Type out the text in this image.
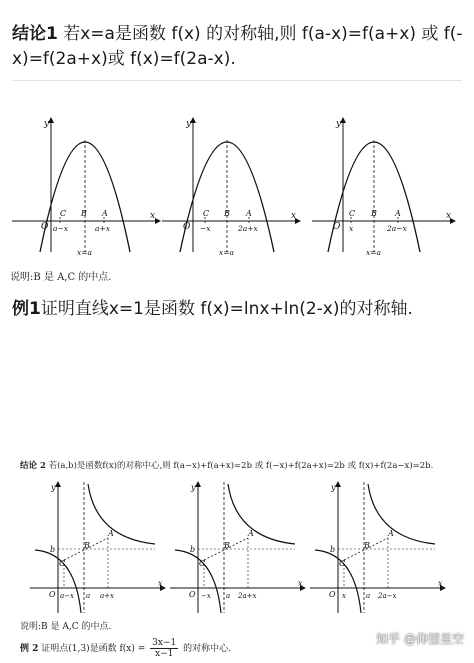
结论1 若x=a是函数 f(x) 的对称轴,则 f(a-x)=f(a+x) 或 f(-x)=f(2a+x)或 f(x)=f(2a-x).
y
x
O
C B A
a−x	a+x
x=a
y
x
O
C B A
−x	2a+x
x=a
y
x
O
C B A
x	2a−x
x=a
说明:B 是 A,C 的中点.
例1证明直线x=1是函数 f(x)=lnx+ln(2-x)的对称轴.
结论 2 若(a,b)是函数f(x)的对称中心,则 f(a−x)+f(a+x)=2b 或 f(−x)+f(2a+x)=2b 或 f(x)+f(2a−x)=2b.
y
x
O
b
A
B
C
a−x a a+x
y
x
O
b
A
B
C
−x a 2a+x
y
x
O
b
A
B
C
x	a 2a−x
说明:B 是 A,C 的中点.
例 2 证明点(1,3)是函数 $f(x) = \frac{3x-1}{x-1}$ 的对称中心.
知乎 @仰望星空
